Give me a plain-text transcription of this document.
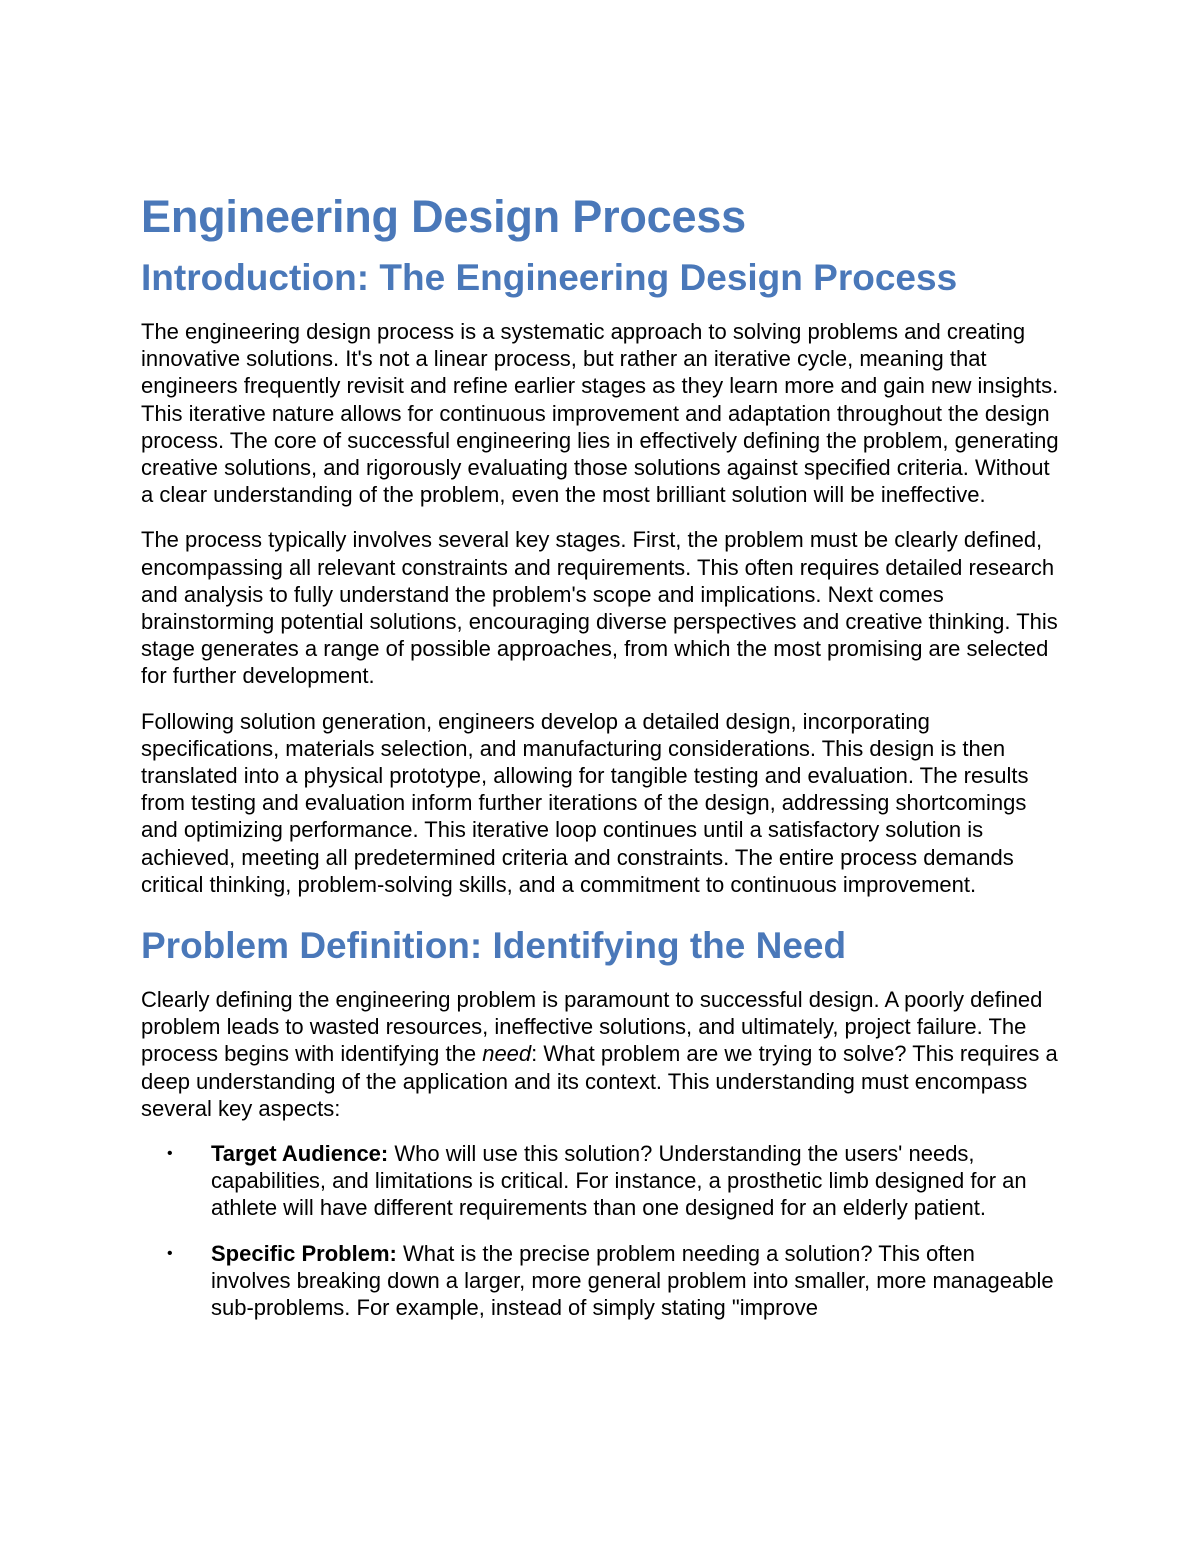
Engineering Design Process
Introduction: The Engineering Design Process

The engineering design process is a systematic approach to solving problems and creating innovative solutions. It's not a linear process, but rather an iterative cycle, meaning that engineers frequently revisit and refine earlier stages as they learn more and gain new insights. This iterative nature allows for continuous improvement and adaptation throughout the design process. The core of successful engineering lies in effectively defining the problem, generating creative solutions, and rigorously evaluating those solutions against specified criteria. Without a clear understanding of the problem, even the most brilliant solution will be ineffective.

The process typically involves several key stages. First, the problem must be clearly defined, encompassing all relevant constraints and requirements. This often requires detailed research and analysis to fully understand the problem's scope and implications. Next comes brainstorming potential solutions, encouraging diverse perspectives and creative thinking. This stage generates a range of possible approaches, from which the most promising are selected for further development.

Following solution generation, engineers develop a detailed design, incorporating specifications, materials selection, and manufacturing considerations. This design is then translated into a physical prototype, allowing for tangible testing and evaluation. The results from testing and evaluation inform further iterations of the design, addressing shortcomings and optimizing performance. This iterative loop continues until a satisfactory solution is achieved, meeting all predetermined criteria and constraints. The entire process demands critical thinking, problem-solving skills, and a commitment to continuous improvement.

Problem Definition: Identifying the Need

Clearly defining the engineering problem is paramount to successful design. A poorly defined problem leads to wasted resources, ineffective solutions, and ultimately, project failure. The process begins with identifying the need: What problem are we trying to solve? This requires a deep understanding of the application and its context. This understanding must encompass several key aspects:

• Target Audience: Who will use this solution? Understanding the users' needs, capabilities, and limitations is critical. For instance, a prosthetic limb designed for an athlete will have different requirements than one designed for an elderly patient.
• Specific Problem: What is the precise problem needing a solution? This often involves breaking down a larger, more general problem into smaller, more manageable sub-problems. For example, instead of simply stating "improve
